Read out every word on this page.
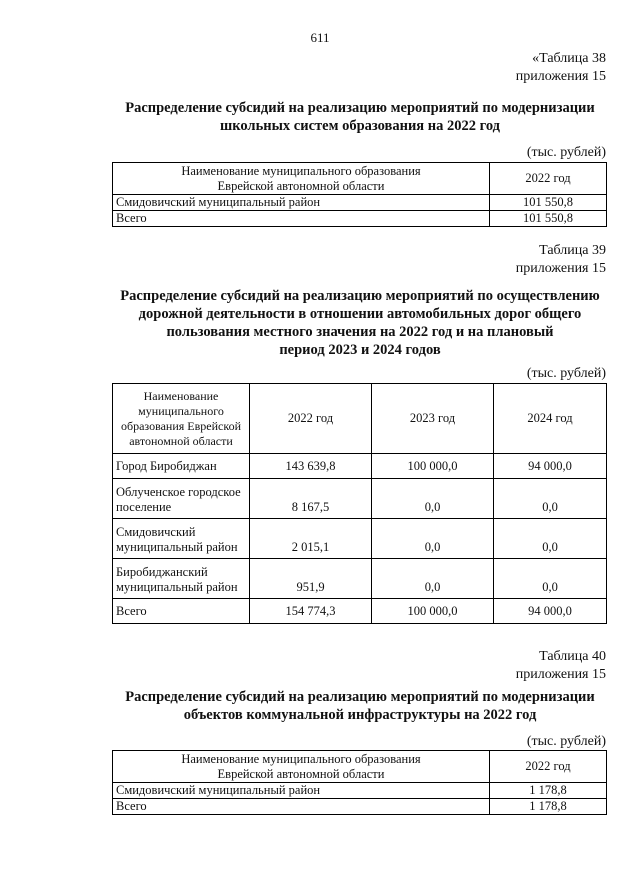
611
«Таблица 38
приложения 15
Распределение субсидий на реализацию мероприятий по модернизации
школьных систем образования на 2022 год
(тыс. рублей)
Наименование муниципального образования
Еврейской автономной области	2022 год
Смидовичский муниципальный район	101 550,8
Всего	101 550,8
Таблица 39
приложения 15
Распределение субсидий на реализацию мероприятий по осуществлению
дорожной деятельности в отношении автомобильных дорог общего
пользования местного значения на 2022 год и на плановый
период 2023 и 2024 годов
(тыс. рублей)
Наименование
муниципального
образования Еврейской
автономной области	2022 год	2023 год	2024 год

Город Биробиджан	143 639,8	100 000,0	94 000,0

Облученское городское
поселение	8 167,5	0,0	0,0

Смидовичский
муниципальный район	2 015,1	0,0	0,0

Биробиджанский
муниципальный район	951,9	0,0	0,0

Всего	154 774,3	100 000,0	94 000,0
Таблица 40
приложения 15
Распределение субсидий на реализацию мероприятий по модернизации
объектов коммунальной инфраструктуры на 2022 год
(тыс. рублей)
Наименование муниципального образования
Еврейской автономной области	2022 год
Смидовичский муниципальный район	1 178,8
Всего	1 178,8
